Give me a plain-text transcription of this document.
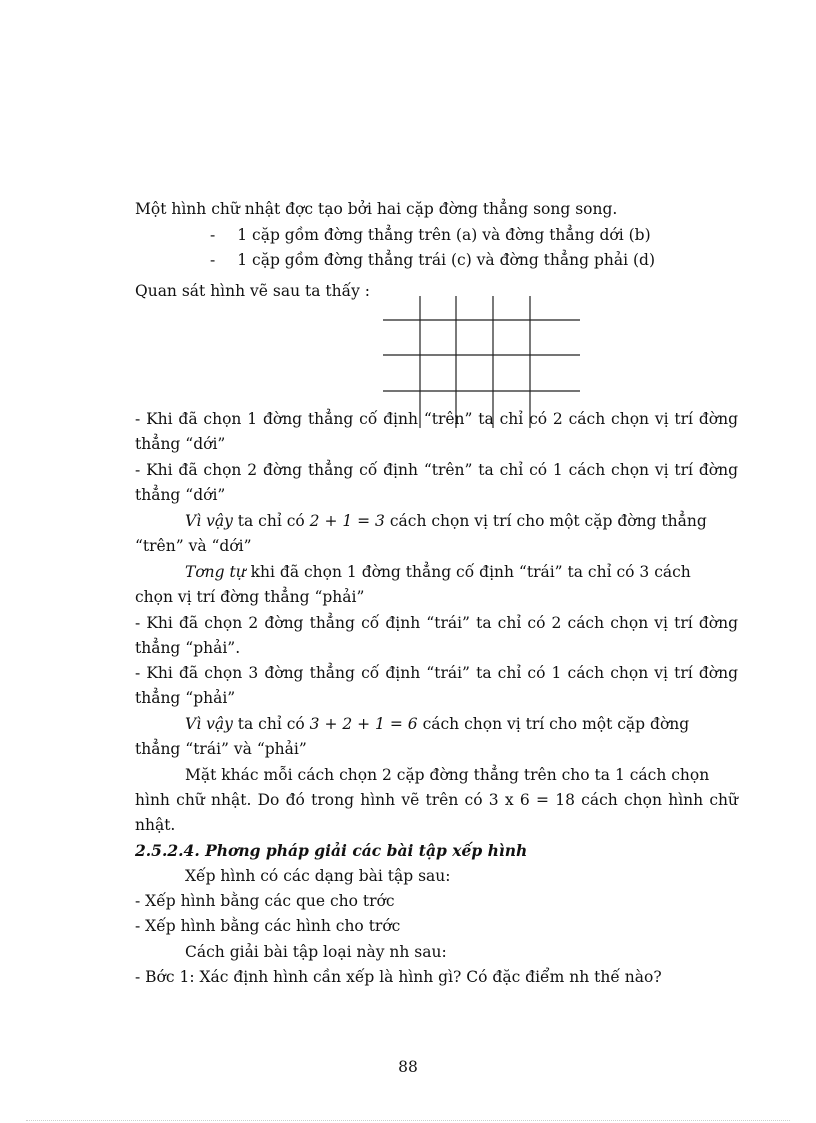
Một hình chữ nhật đợc tạo bởi hai cặp đờng thẳng song song.
- 1 cặp gồm đờng thẳng trên (a) và đờng thẳng dới (b)
- 1 cặp gồm đờng thẳng trái (c) và đờng thẳng phải (d)
Quan sát hình vẽ sau ta thấy :
- Khi đã chọn 1 đờng thẳng cố định “trên” ta chỉ có 2 cách chọn vị trí đờng
thẳng “dới”
- Khi đã chọn 2 đờng thẳng cố định “trên” ta chỉ có 1 cách chọn vị trí đờng
thẳng “dới”
Vì vậy ta chỉ có 2 + 1 = 3 cách chọn vị trí cho một cặp đờng thẳng
“trên” và “dới”
Tơng tự khi đã chọn 1 đờng thẳng cố định “trái” ta chỉ có 3 cách
chọn vị trí đờng thẳng “phải”
- Khi đã chọn 2 đờng thẳng cố định “trái” ta chỉ có 2 cách chọn vị trí đờng
thẳng “phải”.
- Khi đã chọn 3 đờng thẳng cố định “trái” ta chỉ có 1 cách chọn vị trí đờng
thẳng “phải”
Vì vậy ta chỉ có 3 + 2 + 1 = 6 cách chọn vị trí cho một cặp đờng
thẳng “trái” và “phải”
Mặt khác mỗi cách chọn 2 cặp đờng thẳng trên cho ta 1 cách chọn
hình chữ nhật. Do đó trong hình vẽ trên có 3 x 6 = 18 cách chọn hình chữ
nhật.
2.5.2.4. Phơng pháp giải các bài tập xếp hình
Xếp hình có các dạng bài tập sau:
- Xếp hình bằng các que cho trớc
- Xếp hình bằng các hình cho trớc
Cách giải bài tập loại này nh sau:
- Bớc 1: Xác định hình cần xếp là hình gì? Có đặc điểm nh thế nào?
88
